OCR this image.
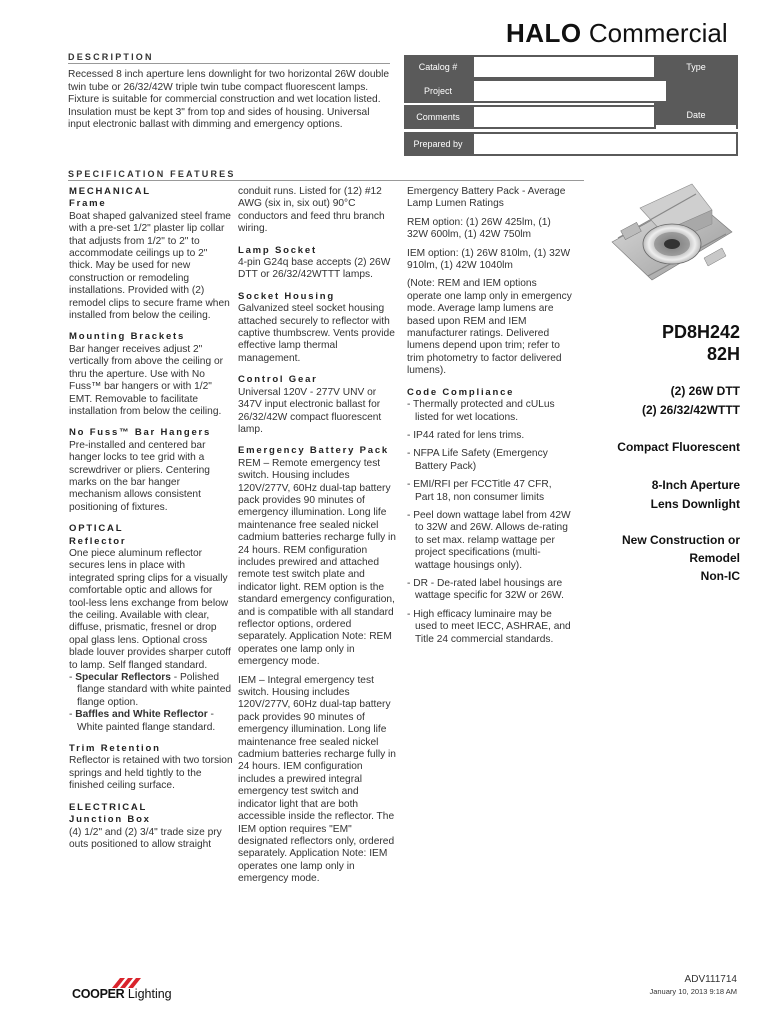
HALO Commercial
DESCRIPTION
Recessed 8 inch aperture lens downlight for two horizontal 26W double twin tube or 26/32/42W triple twin tube compact fluorescent lamps. Fixture is suitable for commercial construction and wet location listed. Insulation must be kept 3" from top and sides of housing. Universal input electronic ballast with dimming and emergency options.
Catalog #	Type
Project
Comments	Date
Prepared by
SPECIFICATION FEATURES
MECHANICAL
Frame

Boat shaped galvanized steel frame with a pre-set 1/2" plaster lip collar that adjusts from 1/2" to 2" to accommodate ceilings up to 2" thick. May be used for new construction or remodeling installations. Provided with (2) remodel clips to secure frame when installed from below the ceiling.

Mounting Brackets

Bar hanger receives adjust 2" vertically from above the ceiling or thru the aperture. Use with No Fuss™ bar hangers or with 1/2" EMT. Removable to facilitate installation from below the ceiling.

No Fuss™ Bar Hangers

Pre-installed and centered bar hanger locks to tee grid with a screwdriver or pliers. Centering marks on the bar hanger mechanism allows consistent positioning of fixtures.

OPTICAL
Reflector

One piece aluminum reflector secures lens in place with integrated spring clips for a visually comfortable optic and allows for tool-less lens exchange from below the ceiling. Available with clear, diffuse, prismatic, fresnel or drop opal glass lens. Optional cross blade louver provides sharper cutoff to lamp. Self flanged standard.

- Specular Reflectors - Polished flange standard with white painted flange option.

- Baffles and White Reflector - White painted flange standard.

Trim Retention

Reflector is retained with two torsion springs and held tightly to the finished ceiling surface.

ELECTRICAL
Junction Box

(4) 1/2" and (2) 3/4" trade size pry outs positioned to allow straight

conduit runs. Listed for (12) #12 AWG (six in, six out) 90°C conductors and feed thru branch wiring.

Lamp Socket

4-pin G24q base accepts (2) 26W DTT or 26/32/42WTTT lamps.

Socket Housing

Galvanized steel socket housing attached securely to reflector with captive thumbscrew. Vents provide effective lamp thermal management.

Control Gear

Universal 120V - 277V UNV or 347V input electronic ballast for 26/32/42W compact fluorescent lamp.

Emergency Battery Pack

REM – Remote emergency test switch. Housing includes 120V/277V, 60Hz dual-tap battery pack provides 90 minutes of emergency illumination. Long life maintenance free sealed nickel cadmium batteries recharge fully in 24 hours. REM configuration includes prewired and attached remote test switch plate and indicator light. REM option is the standard emergency configuration, and is compatible with all standard reflector options, ordered separately. Application Note: REM operates one lamp only in emergency mode.

IEM – Integral emergency test switch. Housing includes 120V/277V, 60Hz dual-tap battery pack provides 90 minutes of emergency illumination. Long life maintenance free sealed nickel cadmium batteries recharge fully in 24 hours. IEM configuration includes a prewired integral emergency test switch and indicator light that are both accessible inside the reflector. The IEM option requires "EM" designated reflectors only, ordered separately. Application Note: IEM operates one lamp only in emergency mode.

Emergency Battery Pack - Average Lamp Lumen Ratings

REM option: (1) 26W 425lm, (1) 32W 600lm, (1) 42W 750lm

IEM option: (1) 26W 810lm, (1) 32W 910lm, (1) 42W 1040lm

(Note: REM and IEM options operate one lamp only in emergency mode. Average lamp lumens are based upon REM and IEM manufacturer ratings. Delivered lumens depend upon trim; refer to trim photometry to factor delivered lumens).

Code Compliance

- Thermally protected and cULus listed for wet locations.

- IP44 rated for lens trims.

- NFPA Life Safety (Emergency Battery Pack)

- EMI/RFI per FCCTitle 47 CFR, Part 18, non consumer limits

- Peel down wattage label from 42W to 32W and 26W. Allows de-rating to set max. relamp wattage per project specifications (multi-wattage housings only).

- DR - De-rated label housings are wattage specific for 32W or 26W.

- High efficacy luminaire may be used to meet IECC, ASHRAE, and Title 24 commercial standards.

PD8H242
82H
(2) 26W DTT
(2) 26/32/42WTTT
Compact Fluorescent
8-Inch Aperture
Lens Downlight
New Construction or
Remodel
Non-IC
ADV111714
January 10, 2013 9:18 AM
COOPER Lighting
